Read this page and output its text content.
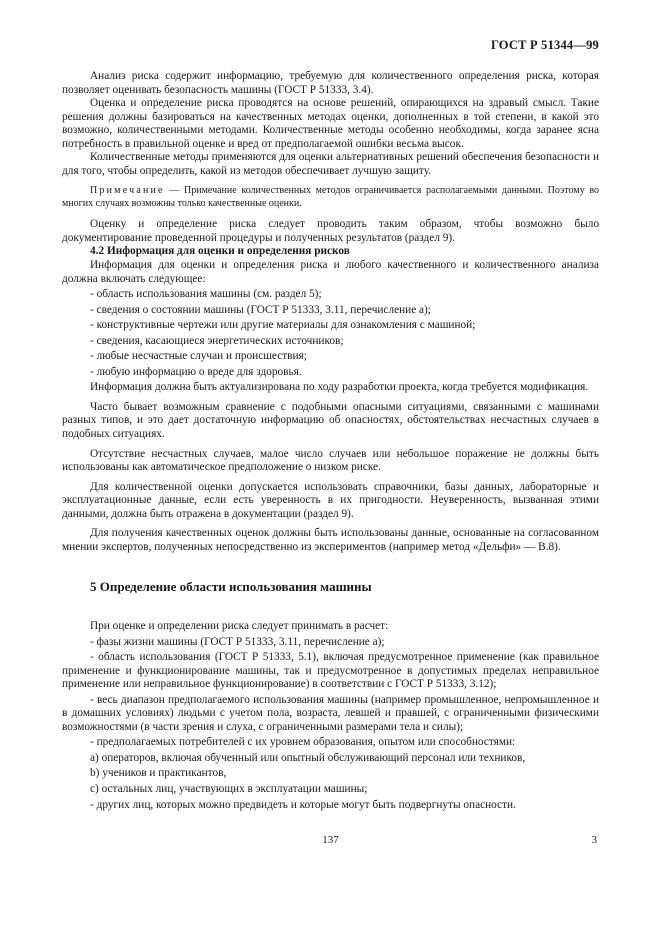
ГОСТ Р 51344—99

Анализ риска содержит информацию, требуемую для количественного определения риска, которая позволяет оценивать безопасность машины (ГОСТ Р 51333, 3.4).

Оценка и определение риска проводятся на основе решений, опирающихся на здравый смысл. Такие решения должны базироваться на качественных методах оценки, дополненных в той степени, в какой это возможно, количественными методами. Количественные методы особенно необходимы, когда заранее ясна потребность в правильной оценке и вред от предполагаемой ошибки весьма высок.

Количественные методы применяются для оценки альтернативных решений обеспечения безопасности и для того, чтобы определить, какой из методов обеспечивает лучшую защиту.

Примечание — Примечание количественных методов ограничивается располагаемыми данными. Поэтому во многих случаях возможны только качественные оценки.

Оценку и определение риска следует проводить таким образом, чтобы возможно было документирование проведенной процедуры и полученных результатов (раздел 9).

4.2 Информация для оценки и определения рисков

Информация для оценки и определения риска и любого качественного и количественного анализа должна включать следующее:

- область использования машины (см. раздел 5);

- сведения о состоянии машины (ГОСТ Р 51333, 3.11, перечисление а);

- конструктивные чертежи или другие материалы для ознакомления с машиной;

- сведения, касающиеся энергетических источников;

- любые несчастные случаи и происшествия;

- любую информацию о вреде для здоровья.

Информация должна быть актуализирована по ходу разработки проекта, когда требуется модификация.

Часто бывает возможным сравнение с подобными опасными ситуациями, связанными с машинами разных типов, и это дает достаточную информацию об опасностях, обстоятельствах несчастных случаев в подобных ситуациях.

Отсутствие несчастных случаев, малое число случаев или небольшое поражение не должны быть использованы как автоматическое предположение о низком риске.

Для количественной оценки допускается использовать справочники, базы данных, лабораторные и эксплуатационные данные, если есть уверенность в их пригодности. Неуверенность, вызванная этими данными, должна быть отражена в документации (раздел 9).

Для получения качественных оценок должны быть использованы данные, основанные на согласованном мнении экспертов, полученных непосредственно из экспериментов (например метод «Дельфи» — В.8).

5 Определение области использования машины

При оценке и определении риска следует принимать в расчет:

- фазы жизни машины (ГОСТ Р 51333, 3.11, перечисление а);

- область использования (ГОСТ Р 51333, 5.1), включая предусмотренное применение (как правильное применение и функционирование машины, так и предусмотренное в допустимых пределах неправильное применение или неправильное функционирование) в соответствии с ГОСТ Р 51333, 3.12);

- весь диапазон предполагаемого использования машины (например промышленное, непромышленное и в домашних условиях) людьми с учетом пола, возраста, левшей и правшей, с ограниченными физическими возможностями (в части зрения и слуха, с ограниченными размерами тела и силы);

- предполагаемых потребителей с их уровнем образования, опытом или способностями:

а) операторов, включая обученный или опытный обслуживающий персонал или техников,

b) учеников и практикантов,

с) остальных лиц, участвующих в эксплуатации машины;

- других лиц, которых можно предвидеть и которые могут быть подвергнуты опасности.

137	3
